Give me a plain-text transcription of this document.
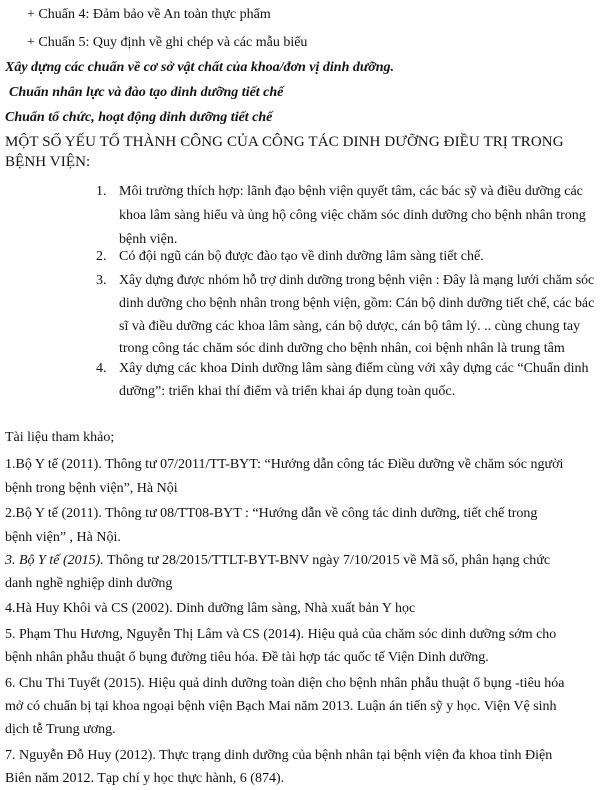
+ Chuẩn 4: Đảm bảo về An toàn thực phẩm
+ Chuẩn 5: Quy định về ghi chép và các mẫu biểu
Xây dựng các chuẩn về cơ sở vật chất của khoa/đơn vị dinh dưỡng.
Chuẩn nhân lực và đào tạo dinh dưỡng tiết chế
Chuẩn tổ chức, hoạt động dinh dưỡng tiết chế
MỘT SỐ YẾU TỐ THÀNH CÔNG CỦA CÔNG TÁC DINH DƯỠNG ĐIỀU TRỊ TRONG
BỆNH VIỆN:
1. Môi trường thích hợp: lãnh đạo bệnh viện quyết tâm, các bác sỹ và điều dưỡng các
khoa lâm sàng hiểu và ủng hộ công việc chăm sóc dinh dưỡng cho bệnh nhân trong
bệnh viện.
2. Có đội ngũ cán bộ được đào tạo về dinh dưỡng lâm sàng tiết chế.
3. Xây dựng được nhóm hỗ trợ dinh dưỡng trong bệnh viện : Đây là mạng lưới chăm sóc
dinh dưỡng cho bệnh nhân trong bệnh viện, gồm: Cán bộ dinh dưỡng tiết chế, các bác
sĩ và điều dưỡng các khoa lâm sàng, cán bộ dược, cán bộ tâm lý. .. cùng chung tay
trong công tác chăm sóc dinh dưỡng cho bệnh nhân, coi bệnh nhân là trung tâm
4. Xây dựng các khoa Dinh dưỡng lâm sàng điểm cùng với xây dựng các “Chuẩn dinh
dưỡng”: triển khai thí điểm và triển khai áp dụng toàn quốc.
Tài liệu tham khảo;
1.Bộ Y tế (2011). Thông tư 07/2011/TT-BYT: “Hướng dẫn công tác Điều dưỡng về chăm sóc người
bệnh trong bệnh viện”, Hà Nội
2.Bộ Y tế (2011). Thông tư 08/TT08-BYT : “Hướng dẫn về công tác dinh dưỡng, tiết chế trong
bệnh viện” , Hà Nội.
3. Bộ Y tế (2015). Thông tư 28/2015/TTLT-BYT-BNV ngày 7/10/2015 về Mã số, phân hạng chức
danh nghề nghiệp dinh dưỡng
4.Hà Huy Khôi và CS (2002). Dinh dưỡng lâm sàng, Nhà xuất bản Y học
5. Phạm Thu Hương, Nguyễn Thị Lâm và CS (2014). Hiệu quả của chăm sóc dinh dưỡng sớm cho
bệnh nhân phẫu thuật ổ bụng đường tiêu hóa. Đề tài hợp tác quốc tế Viện Dinh dưỡng.
6. Chu Thi Tuyết (2015). Hiệu quả dinh dưỡng toàn diện cho bệnh nhân phẫu thuật ổ bụng -tiêu hóa
mở có chuẩn bị tại khoa ngoại bệnh viện Bạch Mai năm 2013. Luận án tiến sỹ y học. Viện Vệ sinh
dịch tễ Trung ương.
7. Nguyễn Đỗ Huy (2012). Thực trạng dinh dưỡng của bệnh nhân tại bệnh viện đa khoa tỉnh Điện
Biên năm 2012. Tạp chí y học thực hành, 6 (874).
